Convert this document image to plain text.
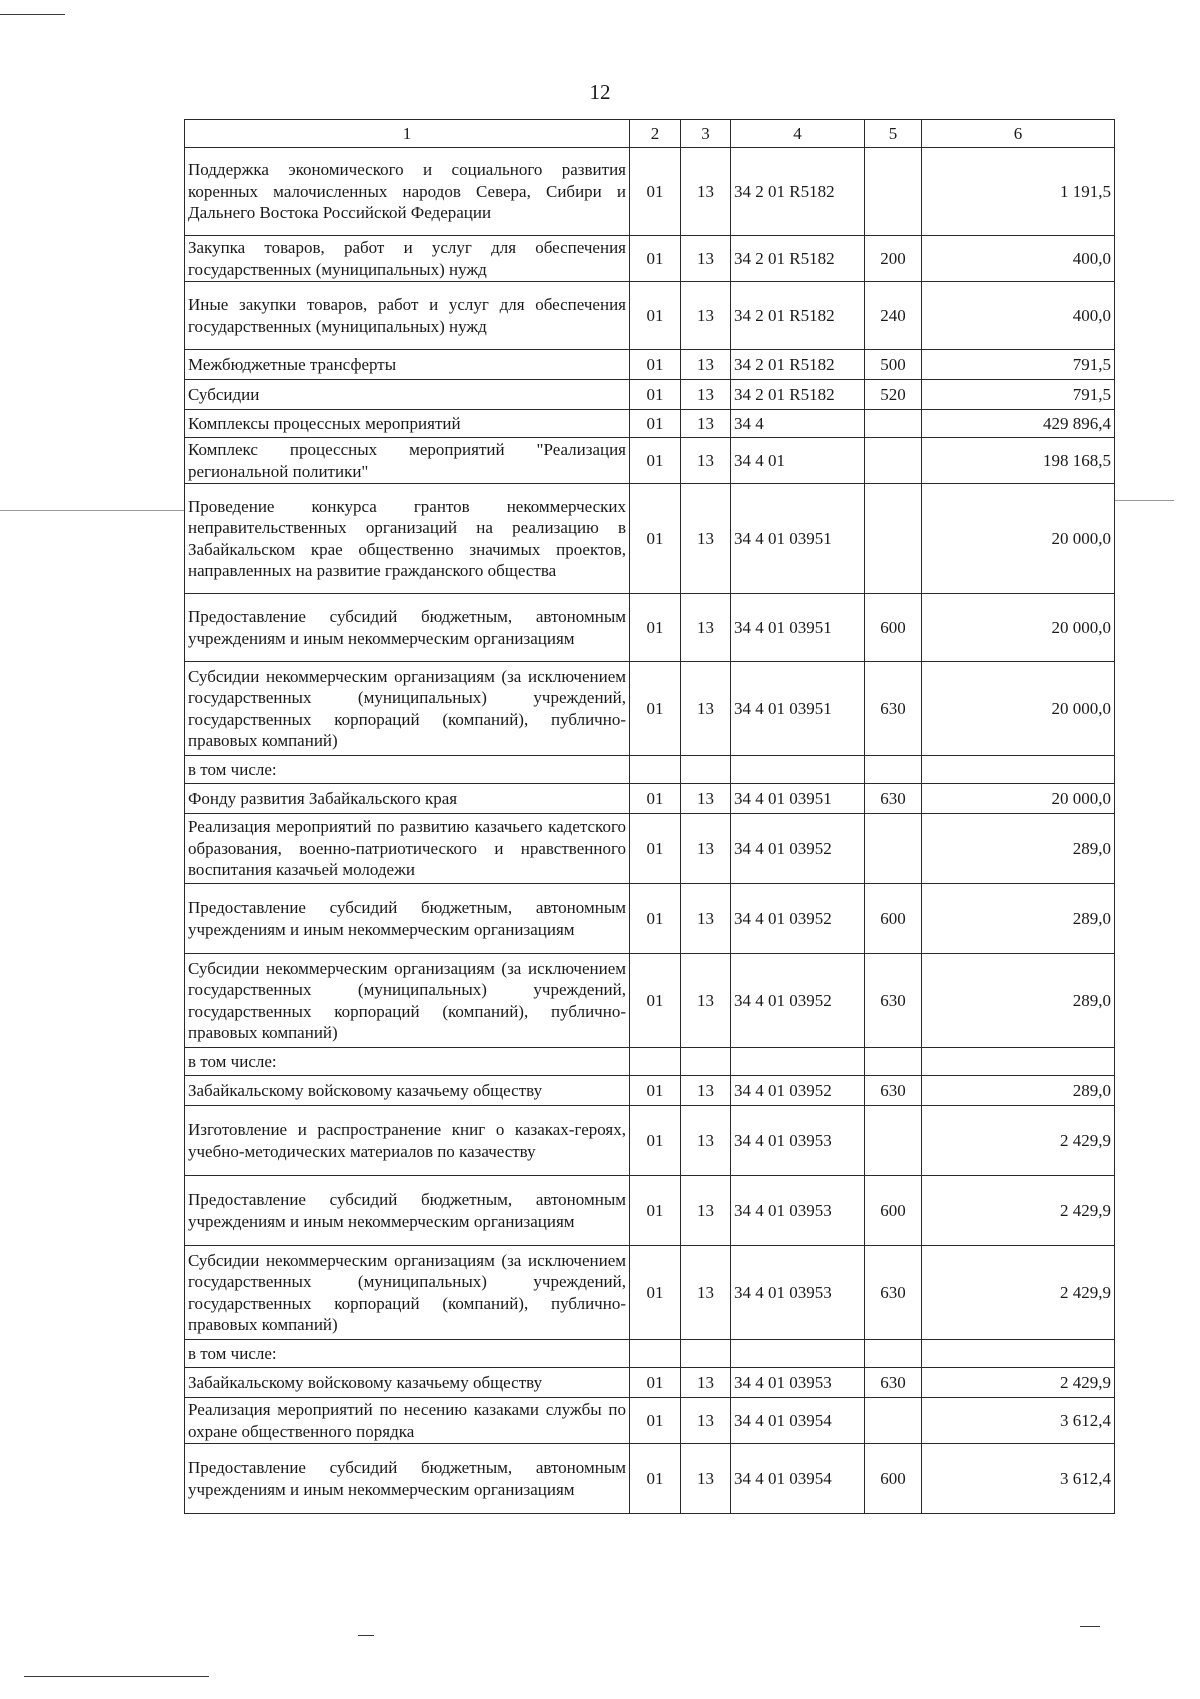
12
1	2	3	4	5	6
Поддержка экономического и социального развития коренных малочисленных народов Севера, Сибири и Дальнего Востока Российской Федерации	01	13	34 2 01 R5182		1 191,5
Закупка товаров, работ и услуг для обеспечения государственных (муниципальных) нужд	01	13	34 2 01 R5182	200	400,0
Иные закупки товаров, работ и услуг для обеспечения государственных (муниципальных) нужд	01	13	34 2 01 R5182	240	400,0
Межбюджетные трансферты	01	13	34 2 01 R5182	500	791,5
Субсидии	01	13	34 2 01 R5182	520	791,5
Комплексы процессных мероприятий	01	13	34 4		429 896,4
Комплекс процессных мероприятий "Реализация региональной политики"	01	13	34 4 01		198 168,5
Проведение конкурса грантов некоммерческих неправительственных организаций на реализацию в Забайкальском крае общественно значимых проектов, направленных на развитие гражданского общества	01	13	34 4 01 03951		20 000,0
Предоставление субсидий бюджетным, автономным учреждениям и иным некоммерческим организациям	01	13	34 4 01 03951	600	20 000,0
Субсидии некоммерческим организациям (за исключением государственных (муниципальных) учреждений, государственных корпораций (компаний), публично-правовых компаний)	01	13	34 4 01 03951	630	20 000,0
в том числе:					
Фонду развития Забайкальского края	01	13	34 4 01 03951	630	20 000,0
Реализация мероприятий по развитию казачьего кадетского образования, военно-патриотического и нравственного воспитания казачьей молодежи	01	13	34 4 01 03952		289,0
Предоставление субсидий бюджетным, автономным учреждениям и иным некоммерческим организациям	01	13	34 4 01 03952	600	289,0
Субсидии некоммерческим организациям (за исключением государственных (муниципальных) учреждений, государственных корпораций (компаний), публично-правовых компаний)	01	13	34 4 01 03952	630	289,0
в том числе:					
Забайкальскому войсковому казачьему обществу	01	13	34 4 01 03952	630	289,0
Изготовление и распространение книг о казаках-героях, учебно-методических материалов по казачеству	01	13	34 4 01 03953		2 429,9
Предоставление субсидий бюджетным, автономным учреждениям и иным некоммерческим организациям	01	13	34 4 01 03953	600	2 429,9
Субсидии некоммерческим организациям (за исключением государственных (муниципальных) учреждений, государственных корпораций (компаний), публично-правовых компаний)	01	13	34 4 01 03953	630	2 429,9
в том числе:					
Забайкальскому войсковому казачьему обществу	01	13	34 4 01 03953	630	2 429,9
Реализация мероприятий по несению казаками службы по охране общественного порядка	01	13	34 4 01 03954		3 612,4
Предоставление субсидий бюджетным, автономным учреждениям и иным некоммерческим организациям	01	13	34 4 01 03954	600	3 612,4
